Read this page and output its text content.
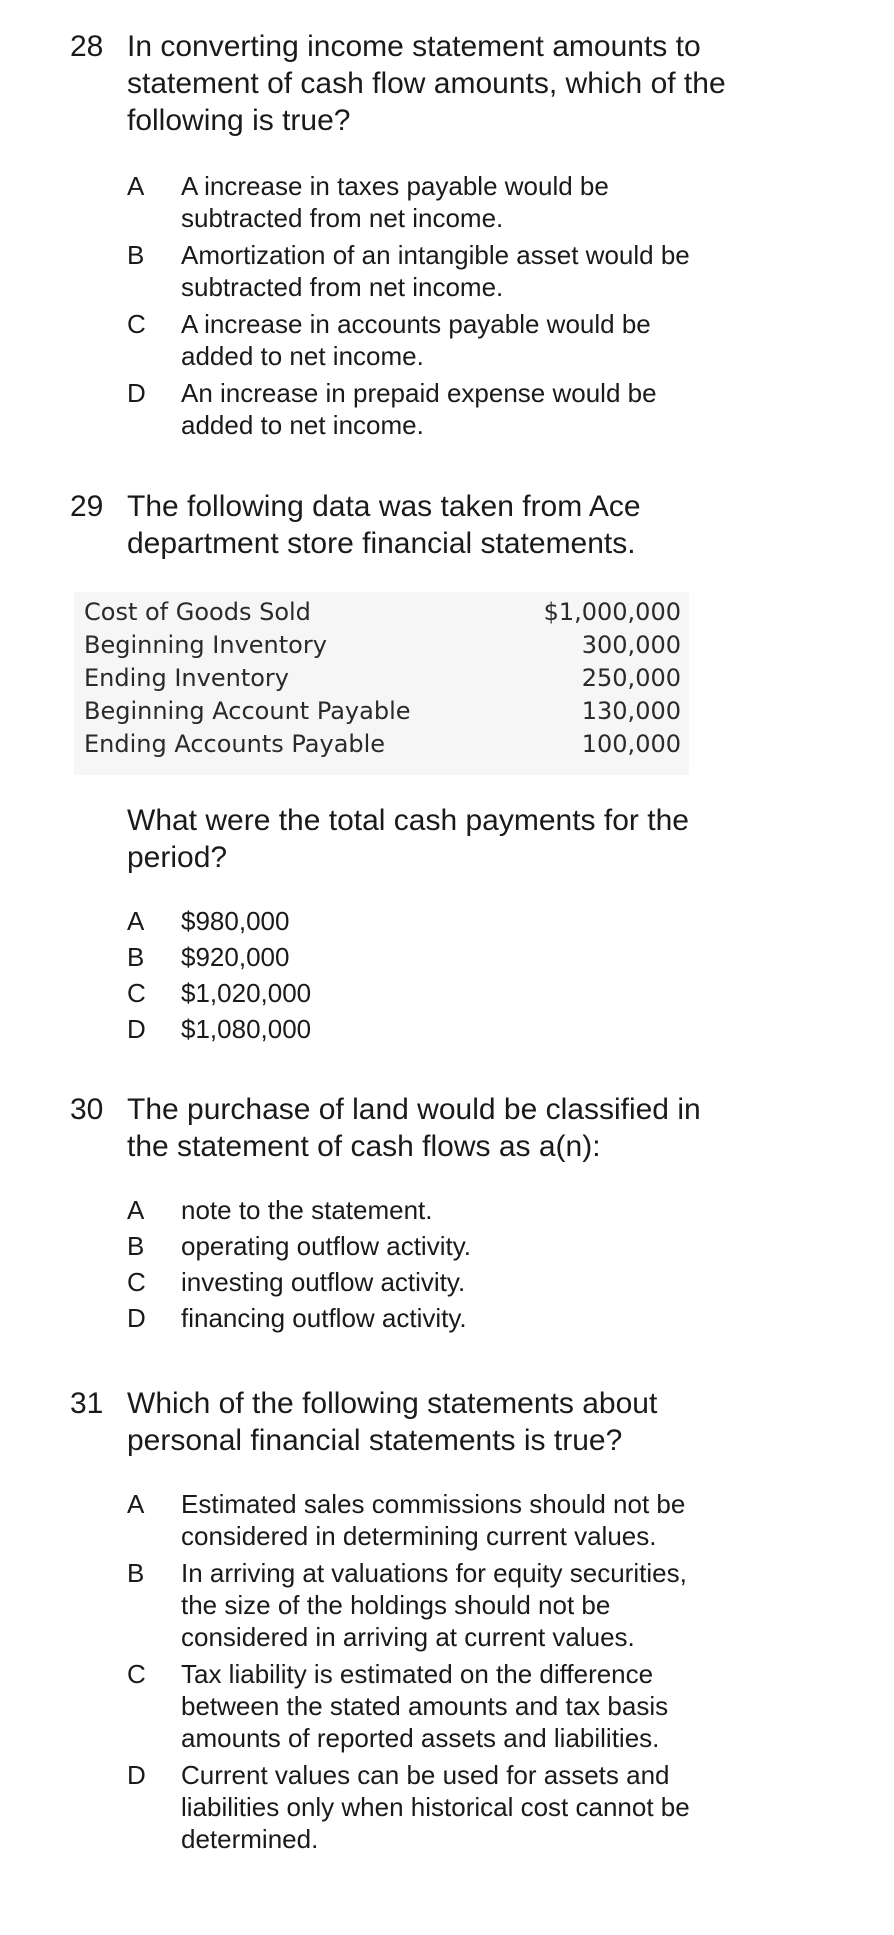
28 In converting income statement amounts to
statement of cash flow amounts, which of the
following is true?
A	A increase in taxes payable would be
subtracted from net income.
B	Amortization of an intangible asset would be
subtracted from net income.
C	A increase in accounts payable would be
added to net income.
D	An increase in prepaid expense would be
added to net income.
29 The following data was taken from Ace
department store financial statements.
Cost of Goods Sold	$1,000,000
Beginning Inventory	300,000
Ending Inventory	250,000
Beginning Account Payable	130,000
Ending Accounts Payable	100,000
What were the total cash payments for the
period?
A	$980,000
B	$920,000
C	$1,020,000
D	$1,080,000
30 The purchase of land would be classified in
the statement of cash flows as a(n):
A	note to the statement.
B	operating outflow activity.
C	investing outflow activity.
D	financing outflow activity.
31 Which of the following statements about
personal financial statements is true?
A	Estimated sales commissions should not be
considered in determining current values.
B	In arriving at valuations for equity securities,
the size of the holdings should not be
considered in arriving at current values.
C	Tax liability is estimated on the difference
between the stated amounts and tax basis
amounts of reported assets and liabilities.
D	Current values can be used for assets and
liabilities only when historical cost cannot be
determined.
